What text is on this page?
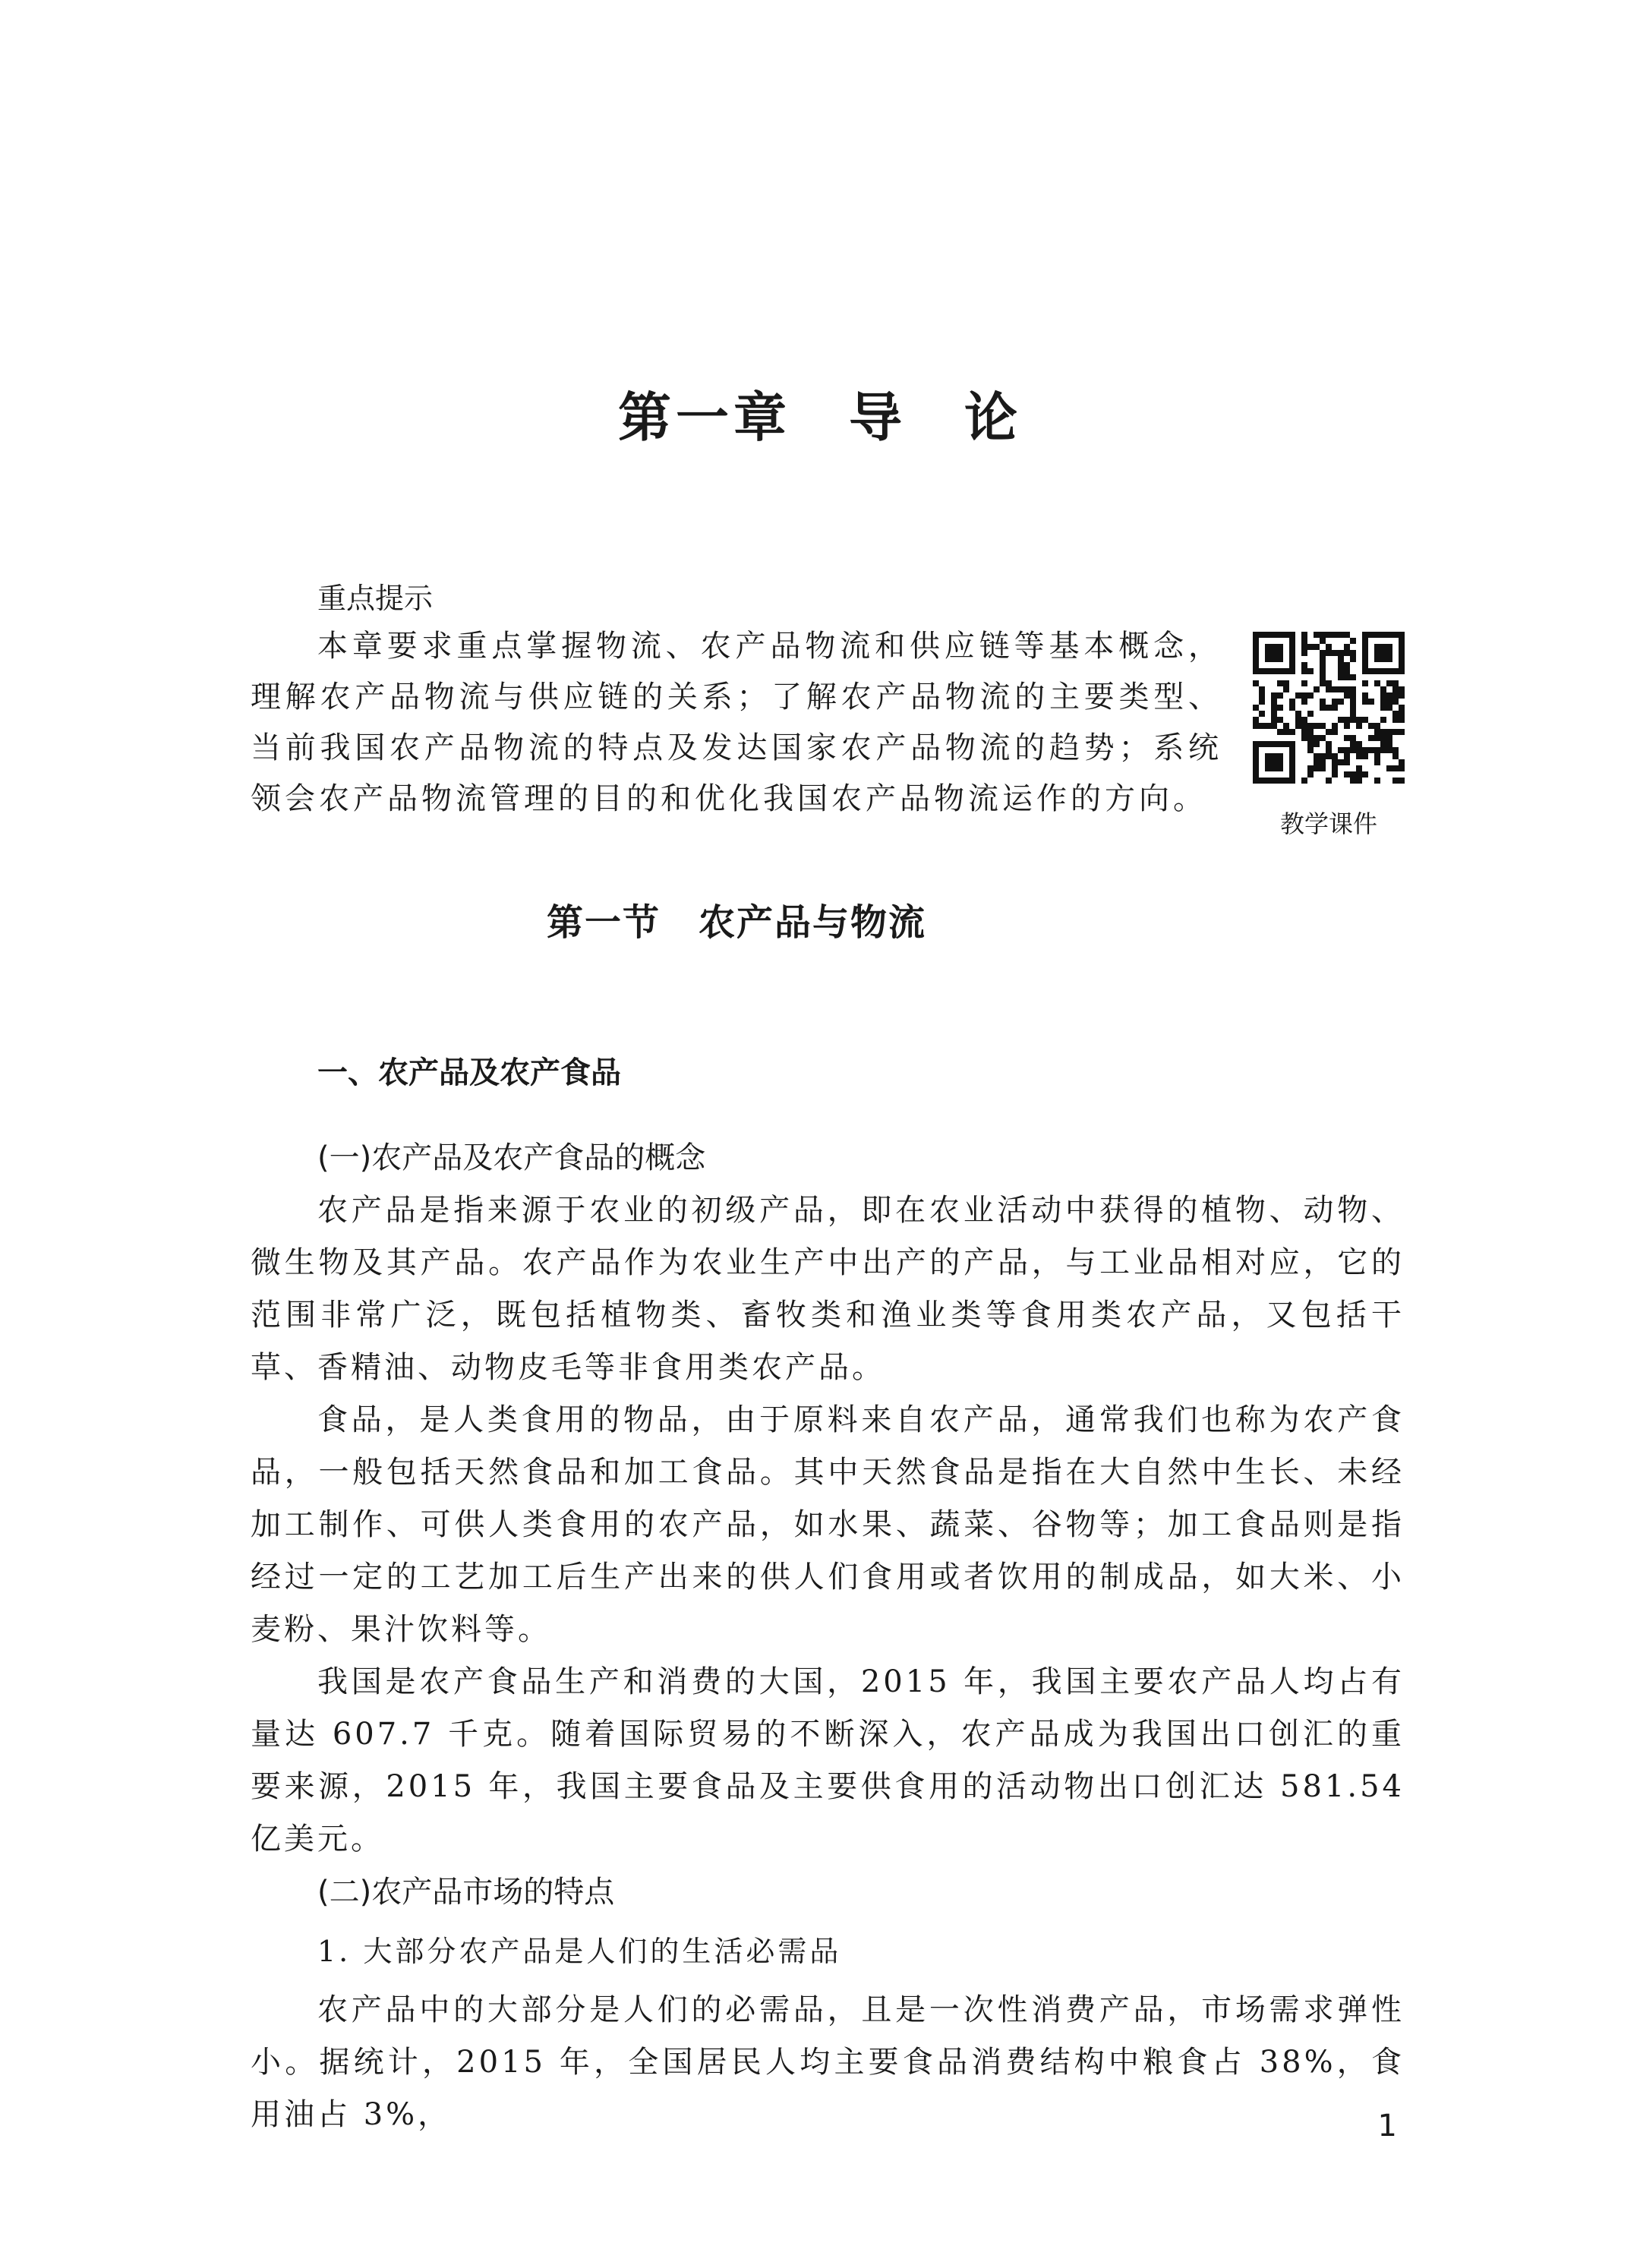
第一章　导　论
重点提示

本章要求重点掌握物流、农产品物流和供应链等基本概念，理解农产品物流与供应链的关系；了解农产品物流的主要类型、当前我国农产品物流的特点及发达国家农产品物流的趋势；系统领会农产品物流管理的目的和优化我国农产品物流运作的方向。

教学课件
第一节　农产品与物流
一、农产品及农产食品

(一)农产品及农产食品的概念

农产品是指来源于农业的初级产品，即在农业活动中获得的植物、动物、微生物及其产品。农产品作为农业生产中出产的产品，与工业品相对应，它的范围非常广泛，既包括植物类、畜牧类和渔业类等食用类农产品，又包括干草、香精油、动物皮毛等非食用类农产品。

食品，是人类食用的物品，由于原料来自农产品，通常我们也称为农产食品，一般包括天然食品和加工食品。其中天然食品是指在大自然中生长、未经加工制作、可供人类食用的农产品，如水果、蔬菜、谷物等；加工食品则是指经过一定的工艺加工后生产出来的供人们食用或者饮用的制成品，如大米、小麦粉、果汁饮料等。

我国是农产食品生产和消费的大国，2015 年，我国主要农产品人均占有量达 607.7 千克。随着国际贸易的不断深入，农产品成为我国出口创汇的重要来源，2015 年，我国主要食品及主要供食用的活动物出口创汇达 581.54 亿美元。

(二)农产品市场的特点

1. 大部分农产品是人们的生活必需品

农产品中的大部分是人们的必需品，且是一次性消费产品，市场需求弹性小。据统计，2015 年，全国居民人均主要食品消费结构中粮食占 38%，食用油占 3%，	1
